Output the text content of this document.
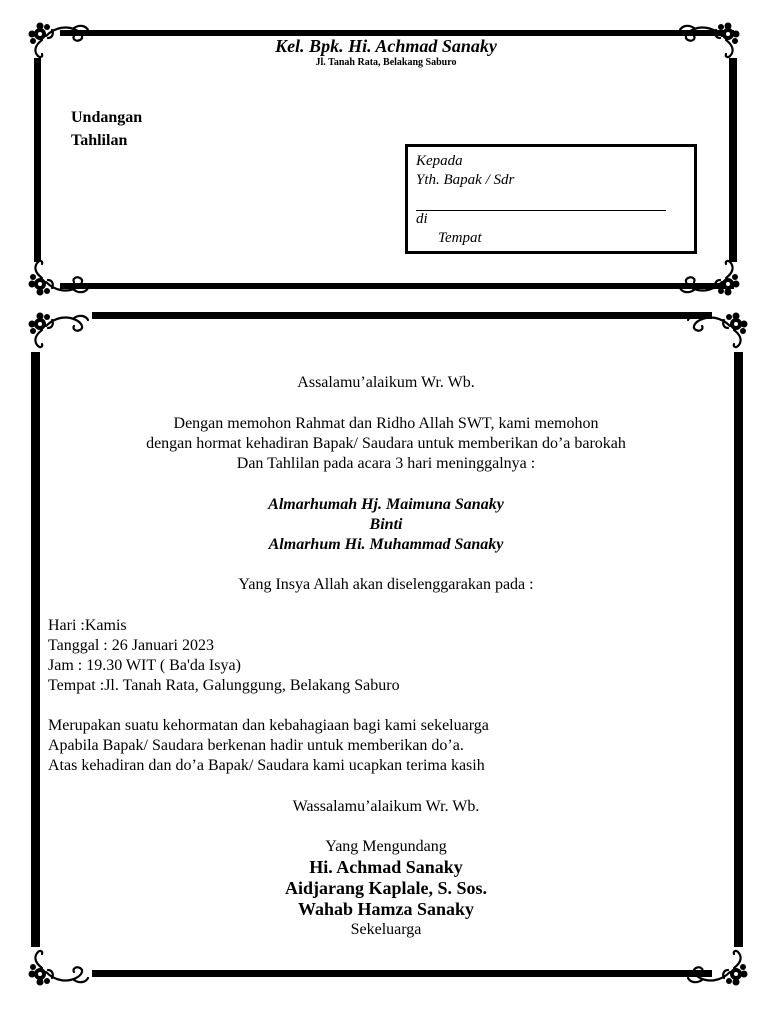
Kel. Bpk. Hi. Achmad Sanaky
Jl. Tanah Rata, Belakang Saburo
Undangan
Tahlilan
Kepada
Yth. Bapak / Sdr
di
Tempat
Assalamu’alaikum Wr. Wb.
Dengan memohon Rahmat dan Ridho Allah SWT, kami memohon
dengan hormat kehadiran Bapak/ Saudara untuk memberikan do’a barokah
Dan Tahlilan pada acara 3 hari meninggalnya :
Almarhumah Hj. Maimuna Sanaky
Binti
Almarhum Hi. Muhammad Sanaky
Yang Insya Allah akan diselenggarakan pada :
Hari :Kamis
Tanggal : 26 Januari 2023
Jam : 19.30 WIT ( Ba'da Isya)
Tempat :Jl. Tanah Rata, Galunggung, Belakang Saburo
Merupakan suatu kehormatan dan kebahagiaan bagi kami sekeluarga
Apabila Bapak/ Saudara berkenan hadir untuk memberikan do’a.
Atas kehadiran dan do’a Bapak/ Saudara kami ucapkan terima kasih
Wassalamu’alaikum Wr. Wb.
Yang Mengundang
Hi. Achmad Sanaky
Aidjarang Kaplale, S. Sos.
Wahab Hamza Sanaky
Sekeluarga
